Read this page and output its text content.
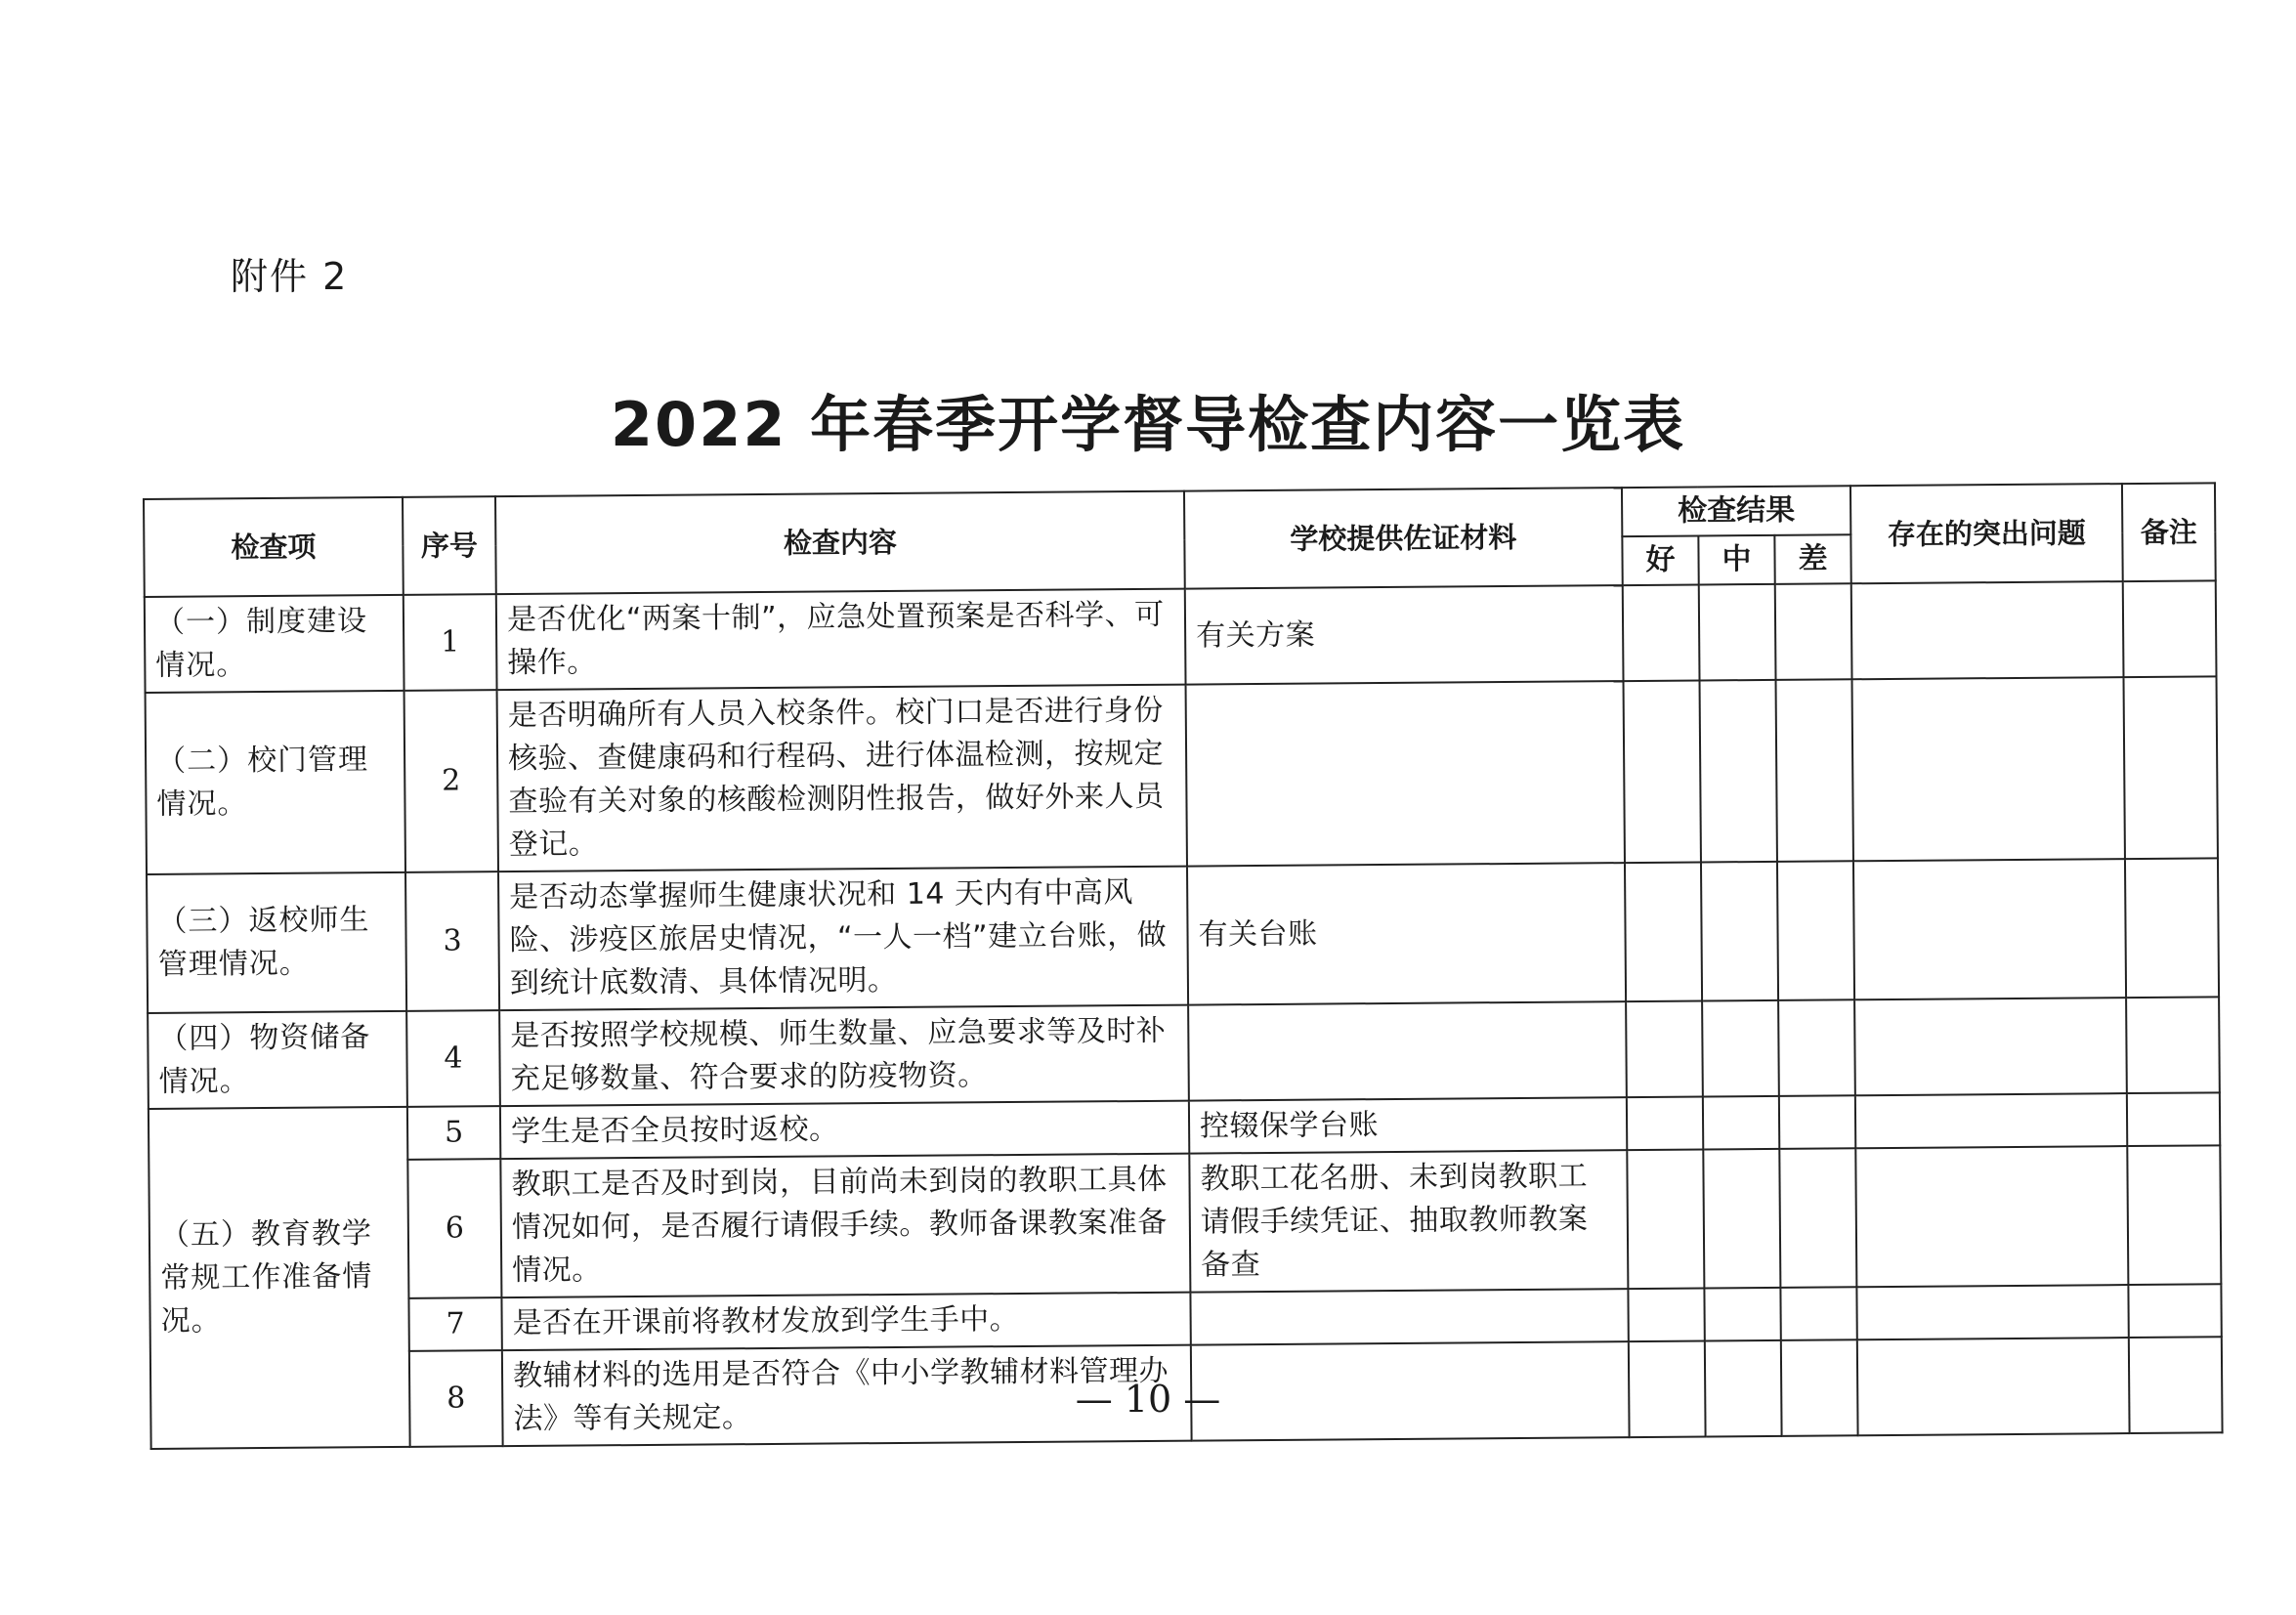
附件 2
2022 年春季开学督导检查内容一览表
检查项	序号	检查内容	学校提供佐证材料	检查结果			存在的突出问题	备注
				好	中	差		
（一）制度建设情况。	1	是否优化“两案十制”，应急处置预案是否科学、可操作。	有关方案					
（二）校门管理情况。	2	是否明确所有人员入校条件。校门口是否进行身份核验、查健康码和行程码、进行体温检测，按规定查验有关对象的核酸检测阴性报告，做好外来人员登记。						
（三）返校师生管理情况。	3	是否动态掌握师生健康状况和 14 天内有中高风险、涉疫区旅居史情况，“一人一档”建立台账，做到统计底数清、具体情况明。	有关台账					
（四）物资储备情况。	4	是否按照学校规模、师生数量、应急要求等及时补充足够数量、符合要求的防疫物资。						
（五）教育教学常规工作准备情况。	5	学生是否全员按时返校。	控辍保学台账					
	6	教职工是否及时到岗，目前尚未到岗的教职工具体情况如何，是否履行请假手续。教师备课教案准备情况。	教职工花名册、未到岗教职工请假手续凭证、抽取教师教案备查					
	7	是否在开课前将教材发放到学生手中。						
	8	教辅材料的选用是否符合《中小学教辅材料管理办法》等有关规定。							— 10 —
